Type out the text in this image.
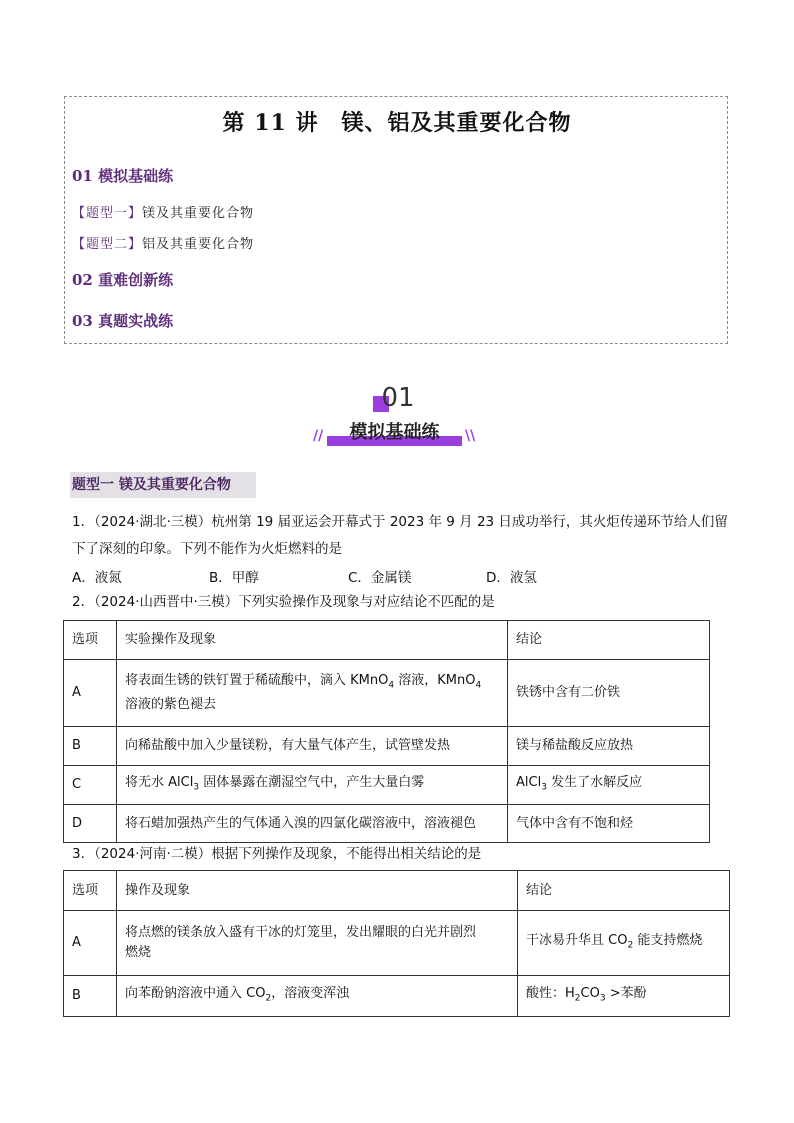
第 11 讲　镁、铝及其重要化合物
01 模拟基础练
【题型一】镁及其重要化合物
【题型二】铝及其重要化合物
02 重难创新练
03 真题实战练
01
//	模拟基础练	\\
题型一 镁及其重要化合物
1．（2024·湖北·三模）杭州第 19 届亚运会开幕式于 2023 年 9 月 23 日成功举行，其火炬传递环节给人们留
下了深刻的印象。下列不能作为火炬燃料的是
A．液氮	B．甲醇	C．金属镁	D．液氢
2．（2024·山西晋中·三模）下列实验操作及现象与对应结论不匹配的是
选项	实验操作及现象	结论
A	将表面生锈的铁钉置于稀硫酸中，滴入 KMnO$_4$ 溶液，KMnO$_4$
溶液的紫色褪去	铁锈中含有二价铁
B	向稀盐酸中加入少量镁粉，有大量气体产生，试管壁发热	镁与稀盐酸反应放热
C	将无水 AlCl$_3$ 固体暴露在潮湿空气中，产生大量白雾	AlCl$_3$ 发生了水解反应
D	将石蜡加强热产生的气体通入溴的四氯化碳溶液中，溶液褪色	气体中含有不饱和烃
3．（2024·河南·二模）根据下列操作及现象，不能得出相关结论的是
选项	操作及现象	结论
A	将点燃的镁条放入盛有干冰的灯笼里，发出耀眼的白光并剧烈
燃烧	干冰易升华且 $CO_2$ 能支持燃烧
B	向苯酚钠溶液中通入 $CO_2$，溶液变浑浊	酸性：$H_2CO_3$ >苯酚
